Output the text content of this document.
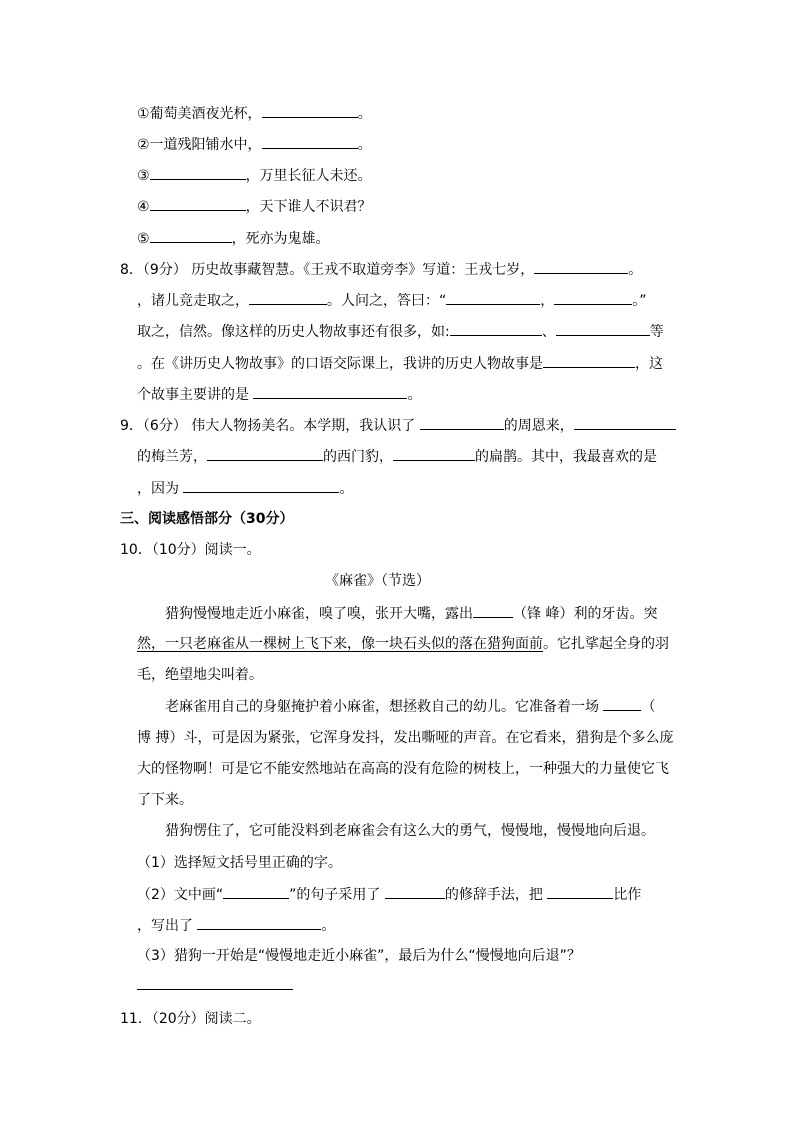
①葡萄美酒夜光杯，	。
②一道残阳铺水中，	。
③	，万里长征人未还。
④	，天下谁人不识君？
⑤	，死亦为鬼雄。
8．（9分） 历史故事藏智慧。《王戎不取道旁李》写道：王戎七岁，	。
，诸儿竞走取之，	。人问之，答曰：“	，	。”
取之，信然。像这样的历史人物故事还有很多，如:	、	等
。在《讲历史人物故事》的口语交际课上，我讲的历史人物故事是	，这
个故事主要讲的是	。
9．（6分） 伟大人物扬美名。本学期，我认识了	的周恩来，
的梅兰芳，	的西门豹，	的扁鹊。其中，我最喜欢的是
，因为	。
三、阅读感悟部分（30分）
10．（10分）阅读一。
《麻雀》（节选）
猎狗慢慢地走近小麻雀，嗅了嗅，张开大嘴，露出	（锋 峰）利的牙齿。突
然，一只老麻雀从一棵树上飞下来，像一块石头似的落在猎狗面前。它扎挲起全身的羽
毛，绝望地尖叫着。
老麻雀用自己的身躯掩护着小麻雀，想拯救自己的幼儿。它准备着一场	（
博 搏）斗，可是因为紧张，它浑身发抖，发出嘶哑的声音。在它看来，猎狗是个多么庞
大的怪物啊！可是它不能安然地站在高高的没有危险的树枝上，一种强大的力量使它飞
了下来。
猎狗愣住了，它可能没料到老麻雀会有这么大的勇气，慢慢地，慢慢地向后退。
（1）选择短文括号里正确的字。
（2）文中画“	”的句子采用了	的修辞手法，把	比作
，写出了	。
（3）猎狗一开始是“慢慢地走近小麻雀”，最后为什么“慢慢地向后退”？
11．（20分）阅读二。
